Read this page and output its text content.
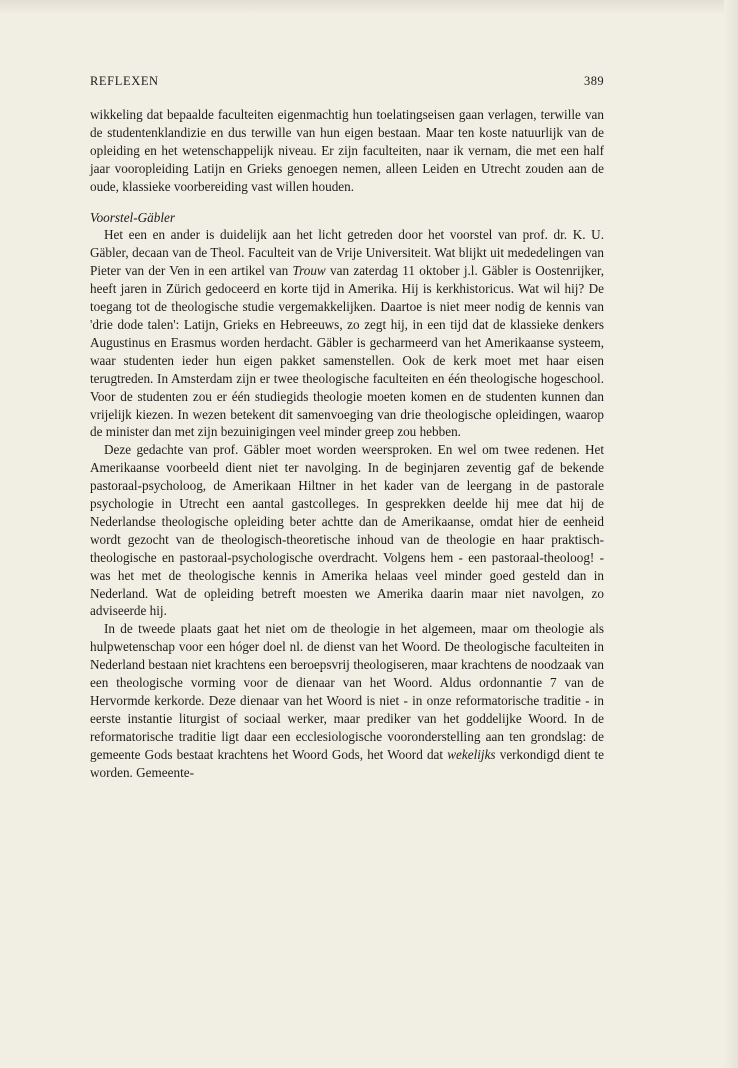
REFLEXEN	389

wikkeling dat bepaalde faculteiten eigenmachtig hun toelatingseisen gaan verlagen, terwille van de studentenklandizie en dus terwille van hun eigen bestaan. Maar ten koste natuurlijk van de opleiding en het wetenschappelijk niveau. Er zijn faculteiten, naar ik vernam, die met een half jaar vooropleiding Latijn en Grieks genoegen nemen, alleen Leiden en Utrecht zouden aan de oude, klassieke voorbereiding vast willen houden.

Voorstel-Gäbler

Het een en ander is duidelijk aan het licht getreden door het voorstel van prof. dr. K. U. Gäbler, decaan van de Theol. Faculteit van de Vrije Universiteit. Wat blijkt uit mededelingen van Pieter van der Ven in een artikel van Trouw van zaterdag 11 oktober j.l. Gäbler is Oostenrijker, heeft jaren in Zürich gedoceerd en korte tijd in Amerika. Hij is kerkhistoricus. Wat wil hij? De toegang tot de theologische studie vergemakkelijken. Daartoe is niet meer nodig de kennis van 'drie dode talen': Latijn, Grieks en Hebreeuws, zo zegt hij, in een tijd dat de klassieke denkers Augustinus en Erasmus worden herdacht. Gäbler is gecharmeerd van het Amerikaanse systeem, waar studenten ieder hun eigen pakket samenstellen. Ook de kerk moet met haar eisen terugtreden. In Amsterdam zijn er twee theologische faculteiten en één theologische hogeschool. Voor de studenten zou er één studiegids theologie moeten komen en de studenten kunnen dan vrijelijk kiezen. In wezen betekent dit samenvoeging van drie theologische opleidingen, waarop de minister dan met zijn bezuinigingen veel minder greep zou hebben.

Deze gedachte van prof. Gäbler moet worden weersproken. En wel om twee redenen. Het Amerikaanse voorbeeld dient niet ter navolging. In de beginjaren zeventig gaf de bekende pastoraal-psycholoog, de Amerikaan Hiltner in het kader van de leergang in de pastorale psychologie in Utrecht een aantal gastcolleges. In gesprekken deelde hij mee dat hij de Nederlandse theologische opleiding beter achtte dan de Amerikaanse, omdat hier de eenheid wordt gezocht van de theologisch-theoretische inhoud van de theologie en haar praktisch-theologische en pastoraal-psychologische overdracht. Volgens hem - een pastoraal-theoloog! - was het met de theologische kennis in Amerika helaas veel minder goed gesteld dan in Nederland. Wat de opleiding betreft moesten we Amerika daarin maar niet navolgen, zo adviseerde hij.

In de tweede plaats gaat het niet om de theologie in het algemeen, maar om theologie als hulpwetenschap voor een hóger doel nl. de dienst van het Woord. De theologische faculteiten in Nederland bestaan niet krachtens een beroepsvrij theologiseren, maar krachtens de noodzaak van een theologische vorming voor de dienaar van het Woord. Aldus ordonnantie 7 van de Hervormde kerkorde. Deze dienaar van het Woord is niet - in onze reformatorische traditie - in eerste instantie liturgist of sociaal werker, maar prediker van het goddelijke Woord. In de reformatorische traditie ligt daar een ecclesiologische vooronderstelling aan ten grondslag: de gemeente Gods bestaat krachtens het Woord Gods, het Woord dat wekelijks verkondigd dient te worden. Gemeente-
